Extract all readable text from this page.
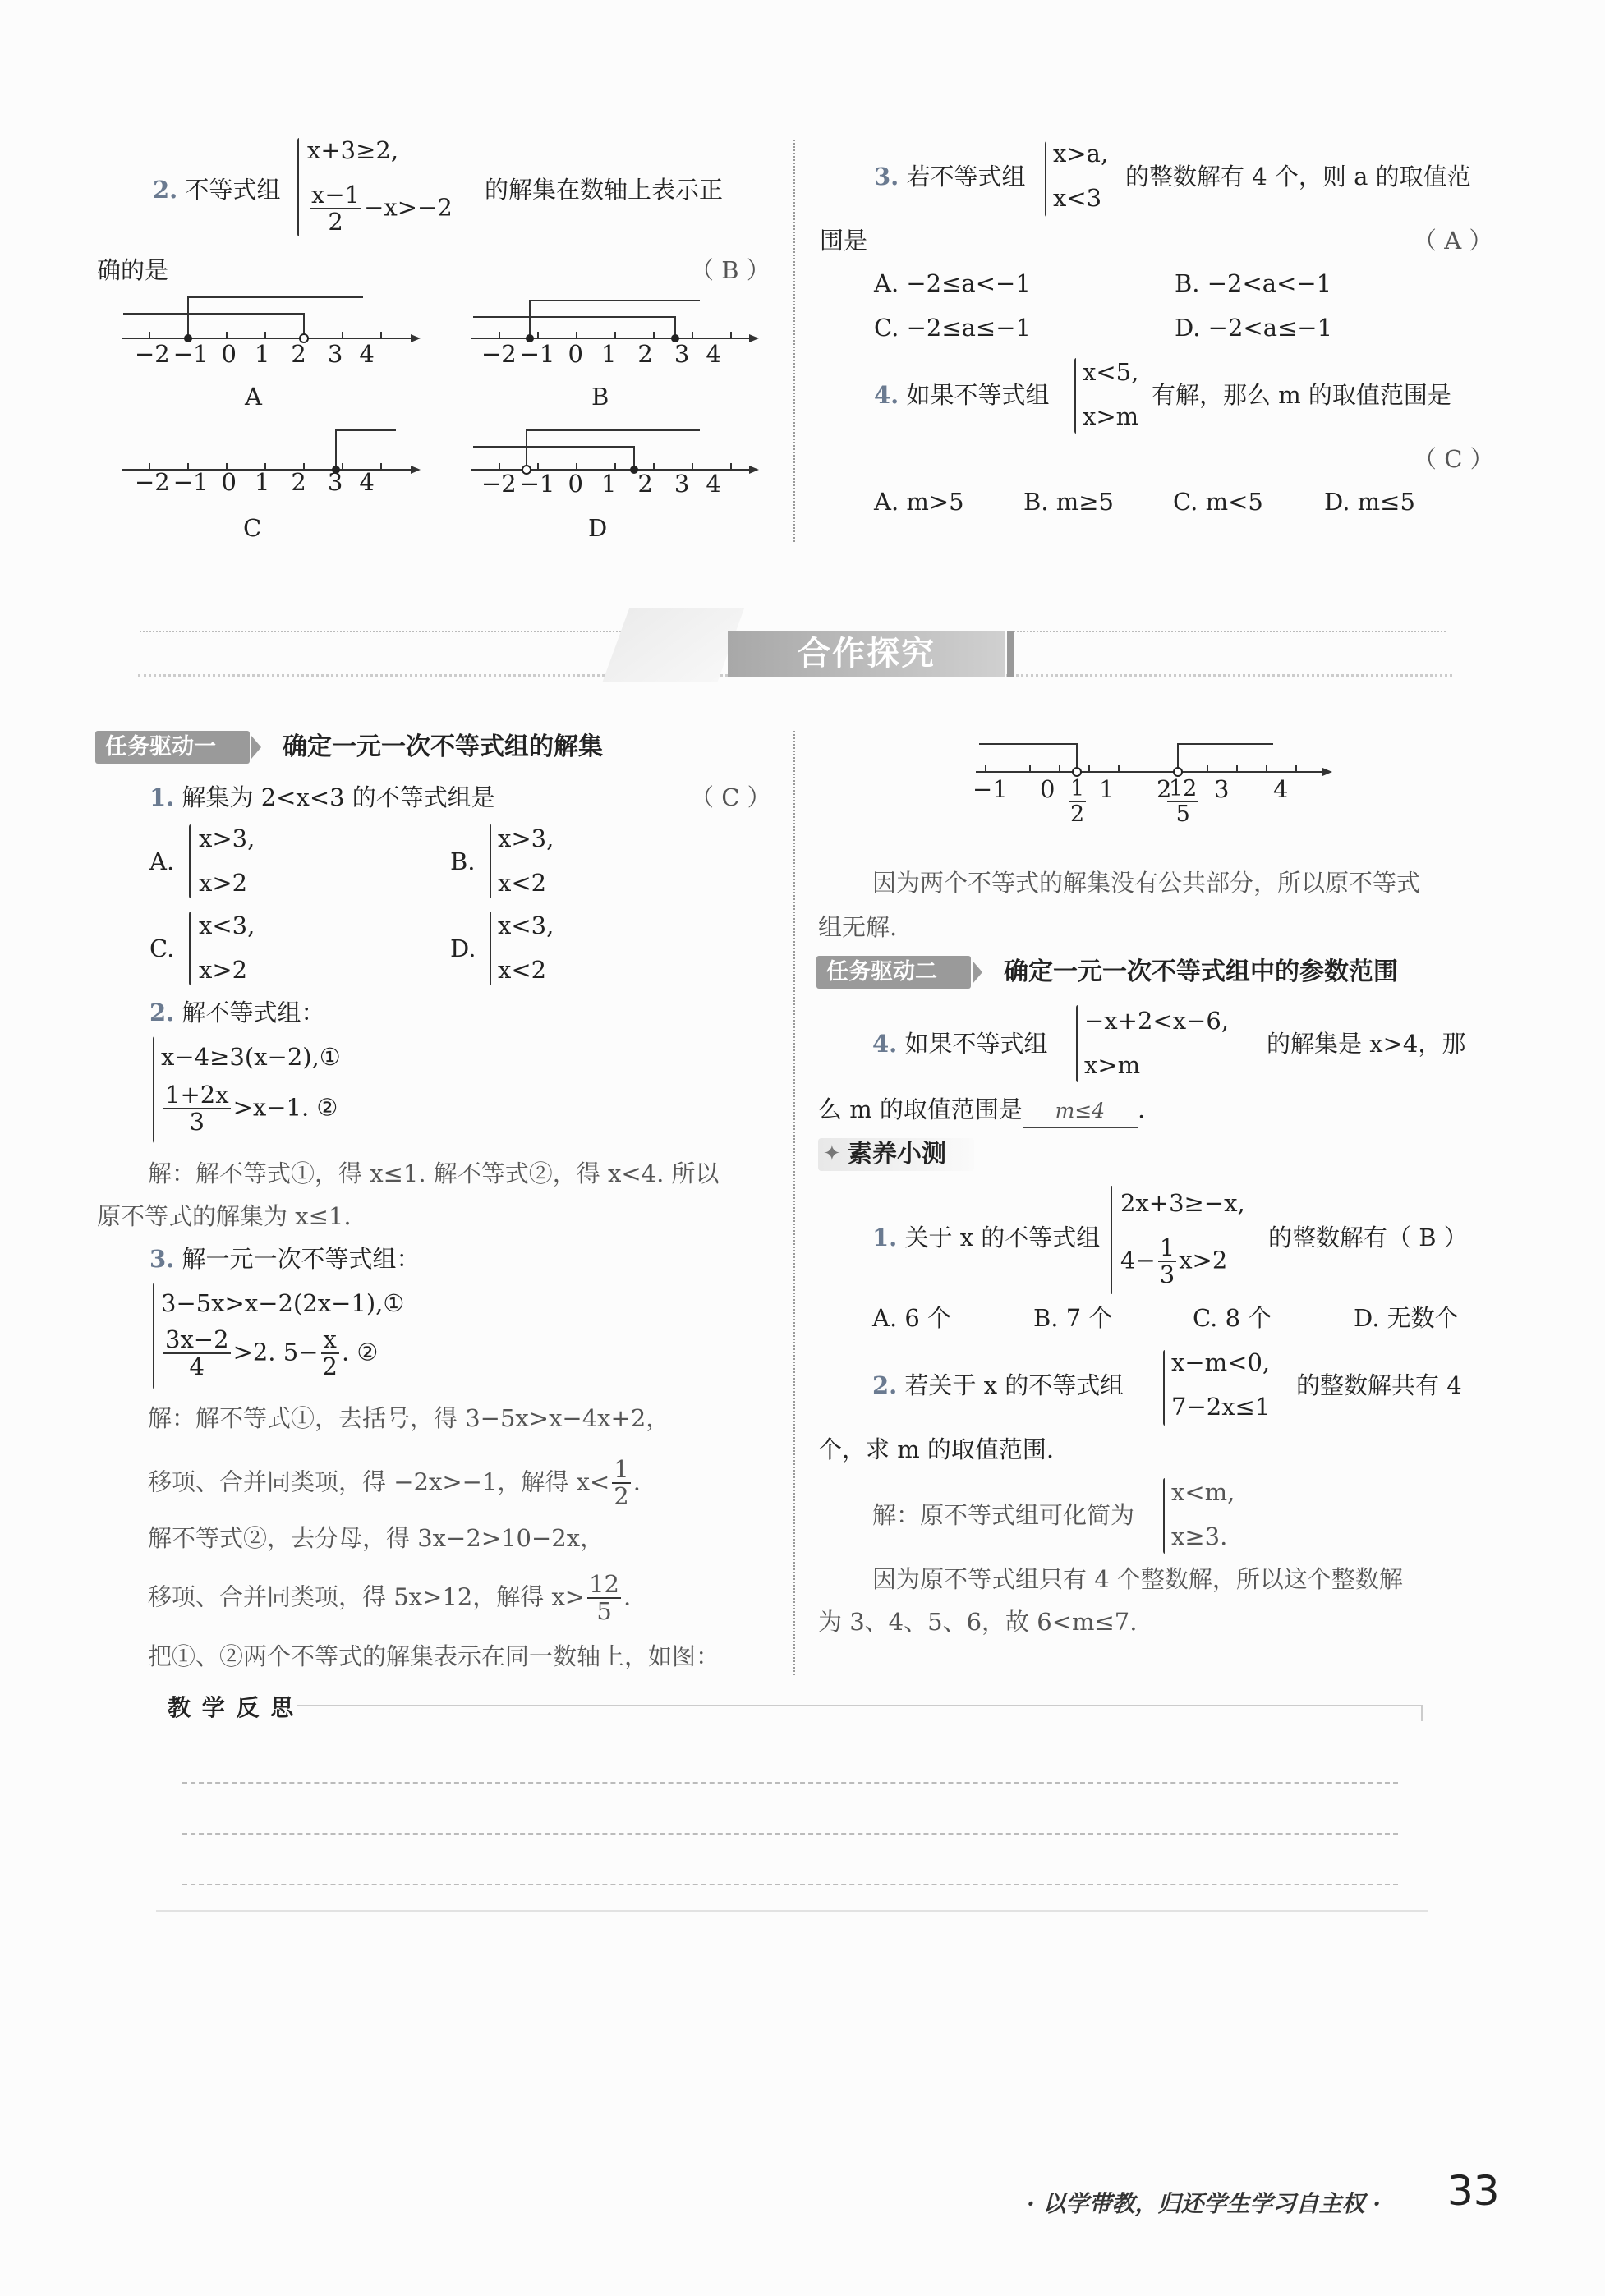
2. 不等式组
x+3≥2,
$\frac{x-1}{2} -x>-2$
的解集在数轴上表示正
确的是	（ B ）
−2 −1 0 1 2 3 4	−2 −1 0 1 2 3 4
−2 −1 0 1 2 3 4	−2 −1 0 1 2 3 4
A	B
C	D
3. 若不等式组
x>a,
x<3
的整数解有 4 个，则 a 的取值范
围是	（ A ）
A. −2≤a<−1	B. −2<a<−1
C. −2≤a≤−1	D. −2<a≤−1
4. 如果不等式组
x<5,
x>m
有解，那么 m 的取值范围是
（ C ）
A. m>5 B. m≥5 C. m<5	D. m≤5
合作探究
任务驱动一	确定一元一次不等式组的解集
1. 解集为 2<x<3 的不等式组是	（ C ）
A.
x>3,
x>2
B.
x>3,
x<2
C.
x<3,
x>2
D.
x<3,
x<2
2. 解不等式组：
x−4≥3(x−2),①
$\frac{1+2x}{3} >x-1$. ②
解：解不等式①，得 x≤1. 解不等式②，得 x<4. 所以
原不等式的解集为 x≤1.
3. 解一元一次不等式组：
3−5x>x−2(2x−1),①
$\frac{3x-2}{4} >2$. $5- \frac{x}{2}$ . ②
解：解不等式①，去括号，得 3−5x>x−4x+2，
移项、合并同类项，得 −2x>−1，解得 $x< \frac{1}{2}$ .
解不等式②，去分母，得 3x−2>10−2x，
移项、合并同类项，得 5x>12，解得 $x> \frac{12}{5}$ .
把①、②两个不等式的解集表示在同一数轴上，如图：
−1 0 1 2 3 4
$\frac{1}{2}$	$\frac{12}{5}$
因为两个不等式的解集没有公共部分，所以原不等式
组无解.
任务驱动二	确定一元一次不等式组中的参数范围
4. 如果不等式组
−x+2<x−6,
x>m
的解集是 x>4，那
么 m 的取值范围是 m≤4 .
✦ 素养小测
1. 关于 x 的不等式组
2x+3≥−x,
$4- \frac{1}{3} x>2$
的整数解有（ B ）
A. 6 个	B. 7 个	C. 8 个	D. 无数个
2. 若关于 x 的不等式组
x−m<0,
7−2x≤1
的整数解共有 4
个，求 m 的取值范围.
解：原不等式组可化简为
x<m,
x≥3.
因为原不等式组只有 4 个整数解，所以这个整数解
为 3、4、5、6，故 6<m≤7.
教 学 反 思
· 以学带教，归还学生学习自主权 · 33
